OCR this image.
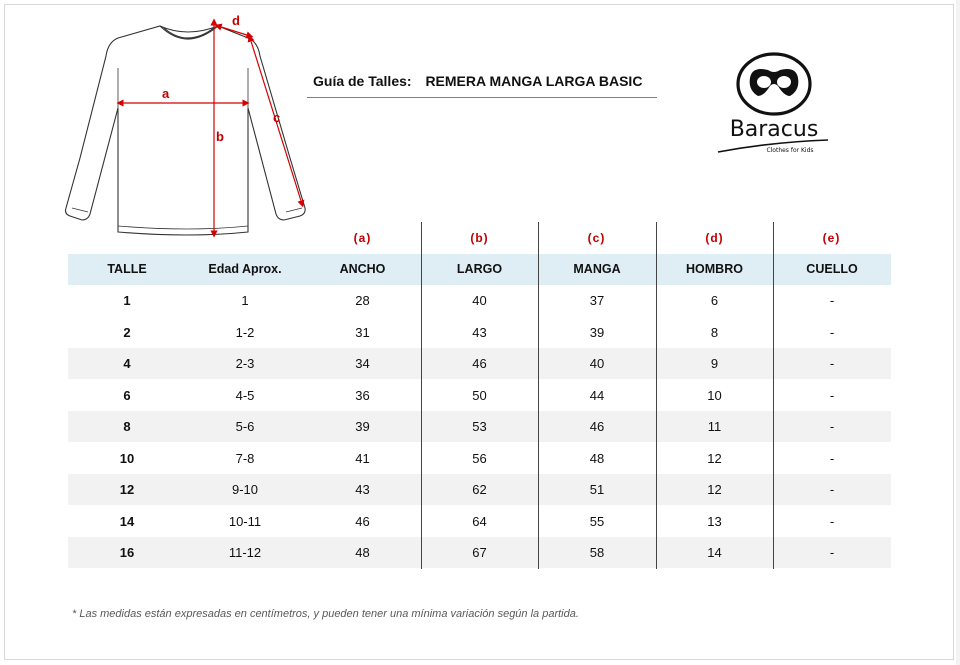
a
b
c
d
Guía de Talles: REMERA MANGA LARGA BASIC
Baracus
Clothes for Kids
(a)	(b)	(c)	(d)	(e)
TALLE	Edad Aprox.	ANCHO	LARGO	MANGA	HOMBRO	CUELLO
1	1	28	40	37	6	-
2	1-2	31	43	39	8	-
4	2-3	34	46	40	9	-
6	4-5	36	50	44	10	-
8	5-6	39	53	46	11	-
10	7-8	41	56	48	12	-
12	9-10	43	62	51	12	-
14	10-11	46	64	55	13	-
16	11-12	48	67	58	14	-
* Las medidas están expresadas en centímetros, y pueden tener una mínima variación según la partida.
